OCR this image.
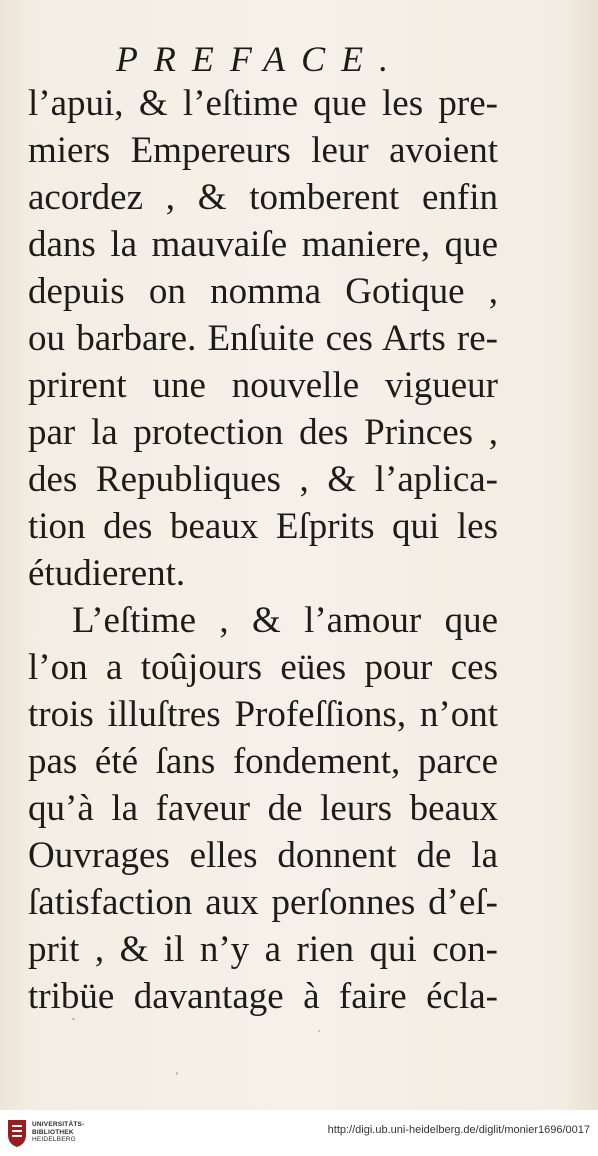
PREFACE.
l’apui, & l’eſtime que les pre-
miers Empereurs leur avoient
acordez , & tomberent enfin
dans la mauvaiſe maniere, que
depuis on nomma Gotique ,
ou barbare. Enſuite ces Arts re-
prirent une nouvelle vigueur
par la protection des Princes ,
des Republiques , & l’aplica-
tion des beaux Eſprits qui les
étudierent.
L’eſtime , & l’amour que
l’on a toûjours eües pour ces
trois illuſtres Profeſſions, n’ont
pas été ſans fondement, parce
qu’à la faveur de leurs beaux
Ouvrages elles donnent de la
ſatisfaction aux perſonnes d’eſ-
prit , & il n’y a rien qui con-
tribüe davantage à faire écla-
UNIVERSITÄTS-
BIBLIOTHEK
HEIDELBERG
http://digi.ub.uni-heidelberg.de/diglit/monier1696/0017
